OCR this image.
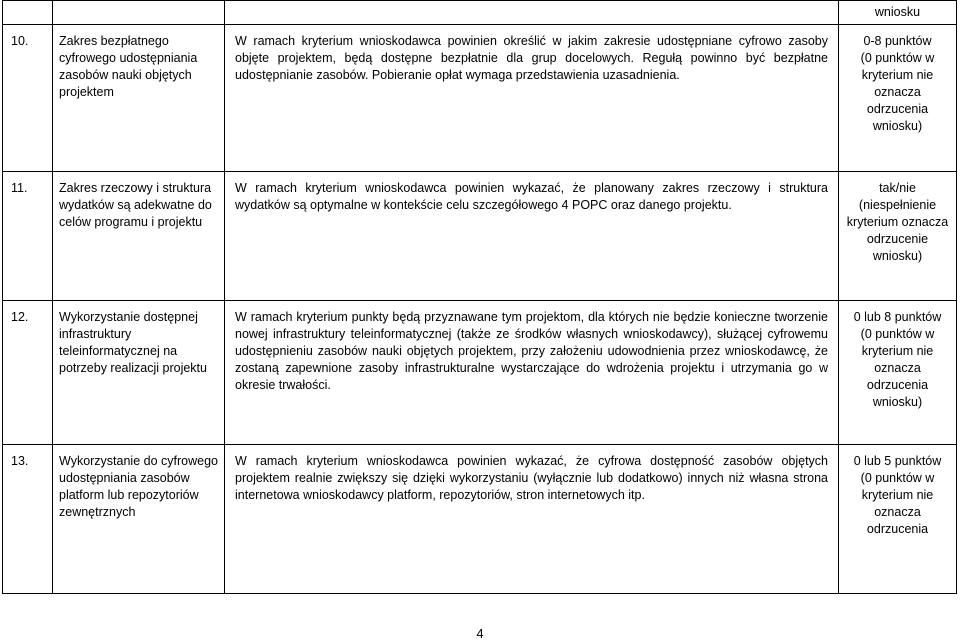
			wniosku

10.	Zakres bezpłatnego cyfrowego udostępniania zasobów nauki objętych projektem	W ramach kryterium wnioskodawca powinien określić w jakim zakresie udostępniane cyfrowo zasoby objęte projektem, będą dostępne bezpłatnie dla grup docelowych. Regułą powinno być bezpłatne udostępnianie zasobów. Pobieranie opłat wymaga przedstawienia uzasadnienia.	0-8 punktów
(0 punktów w kryterium nie oznacza odrzucenia wniosku)

11.	Zakres rzeczowy i struktura wydatków są adekwatne do celów programu i projektu	W ramach kryterium wnioskodawca powinien wykazać, że planowany zakres rzeczowy i struktura wydatków są optymalne w kontekście celu szczegółowego 4 POPC oraz danego projektu.	tak/nie
(niespełnienie kryterium oznacza odrzucenie wniosku)

12.	Wykorzystanie dostępnej infrastruktury teleinformatycznej na potrzeby realizacji projektu	W ramach kryterium punkty będą przyznawane tym projektom, dla których nie będzie konieczne tworzenie nowej infrastruktury teleinformatycznej (także ze środków własnych wnioskodawcy), służącej cyfrowemu udostępnieniu zasobów nauki objętych projektem, przy założeniu udowodnienia przez wnioskodawcę, że zostaną zapewnione zasoby infrastrukturalne wystarczające do wdrożenia projektu i utrzymania go w okresie trwałości.	0 lub 8 punktów
(0 punktów w kryterium nie oznacza odrzucenia wniosku)

13.	Wykorzystanie do cyfrowego udostępniania zasobów platform lub repozytoriów zewnętrznych	W ramach kryterium wnioskodawca powinien wykazać, że cyfrowa dostępność zasobów objętych projektem realnie zwiększy się dzięki wykorzystaniu (wyłącznie lub dodatkowo) innych niż własna strona internetowa wnioskodawcy platform, repozytoriów, stron internetowych itp.	0 lub 5 punktów
(0 punktów w kryterium nie oznacza odrzucenia
4
